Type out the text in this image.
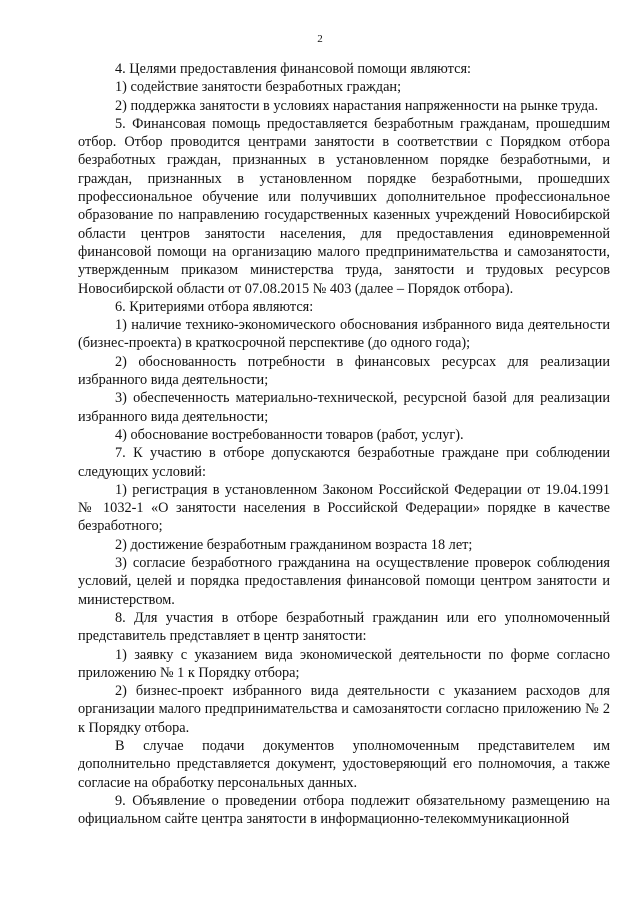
2

4. Целями предоставления финансовой помощи являются:

1) содействие занятости безработных граждан;

2) поддержка занятости в условиях нарастания напряженности на рынке труда.

5. Финансовая помощь предоставляется безработным гражданам, прошедшим отбор. Отбор проводится центрами занятости в соответствии с Порядком отбора безработных граждан, признанных в установленном порядке безработными, и граждан, признанных в установленном порядке безработными, прошедших профессиональное обучение или получивших дополнительное профессиональное образование по направлению государственных казенных учреждений Новосибирской области центров занятости населения, для предоставления единовременной финансовой помощи на организацию малого предпринимательства и самозанятости, утвержденным приказом министерства труда, занятости и трудовых ресурсов Новосибирской области от 07.08.2015 № 403 (далее – Порядок отбора).

6. Критериями отбора являются:

1) наличие технико-экономического обоснования избранного вида деятельности (бизнес-проекта) в краткосрочной перспективе (до одного года);

2) обоснованность потребности в финансовых ресурсах для реализации избранного вида деятельности;

3) обеспеченность материально-технической, ресурсной базой для реализации избранного вида деятельности;

4) обоснование востребованности товаров (работ, услуг).

7. К участию в отборе допускаются безработные граждане при соблюдении следующих условий:

1) регистрация в установленном Законом Российской Федерации от 19.04.1991 № 1032-1 «О занятости населения в Российской Федерации» порядке в качестве безработного;

2) достижение безработным гражданином возраста 18 лет;

3) согласие безработного гражданина на осуществление проверок соблюдения условий, целей и порядка предоставления финансовой помощи центром занятости и министерством.

8. Для участия в отборе безработный гражданин или его уполномоченный представитель представляет в центр занятости:

1) заявку с указанием вида экономической деятельности по форме согласно приложению № 1 к Порядку отбора;

2) бизнес-проект избранного вида деятельности с указанием расходов для организации малого предпринимательства и самозанятости согласно приложению № 2 к Порядку отбора.

В случае подачи документов уполномоченным представителем им дополнительно представляется документ, удостоверяющий его полномочия, а также согласие на обработку персональных данных.

9. Объявление о проведении отбора подлежит обязательному размещению на официальном сайте центра занятости в информационно-телекоммуникационной
